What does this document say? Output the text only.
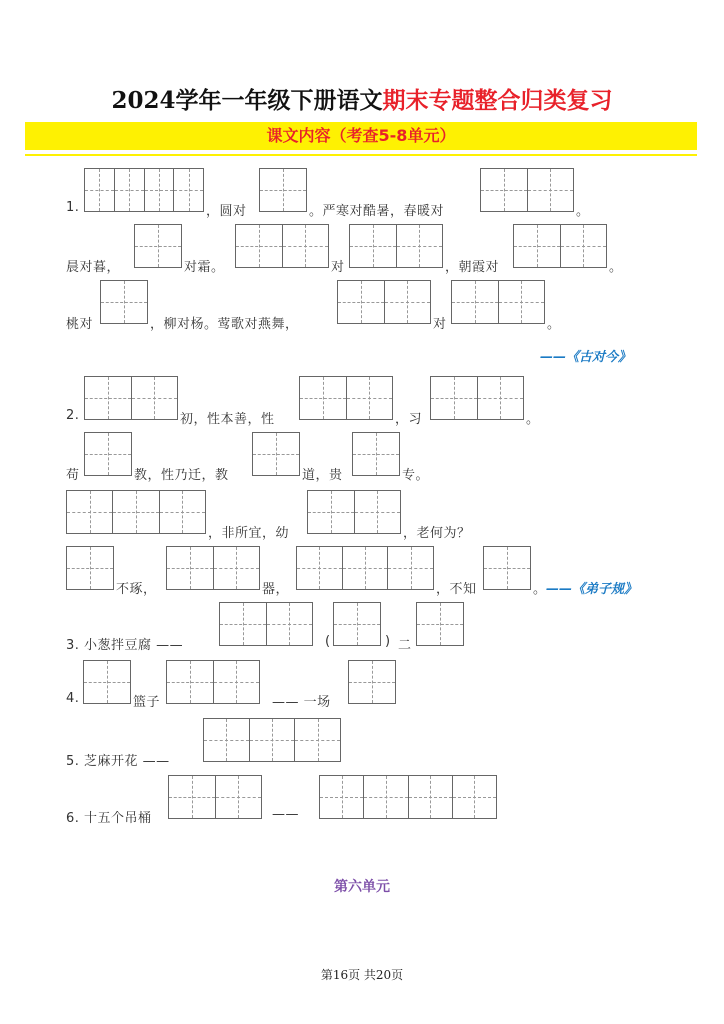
2024学年一年级下册语文期末专题整合归类复习
课文内容（考查5-8单元）
1.	，圆对	。严寒对酷暑，春暖对	。
晨对暮，	对霜。	对	，朝霞对	。
桃对	，柳对杨。莺歌对燕舞，	对	。
——《古对今》
2.	初，性本善，性	，习	。
苟	教，性乃迁，教	道，贵	专。
，非所宜，幼	，老何为？
不琢，	器，	，不知	。 ——《弟子规》
3. 小葱拌豆腐 ——	(	) 二
4.	篮子	—— 一场
5. 芝麻开花 ——
6. 十五个吊桶	——
第六单元
第16页 共20页
